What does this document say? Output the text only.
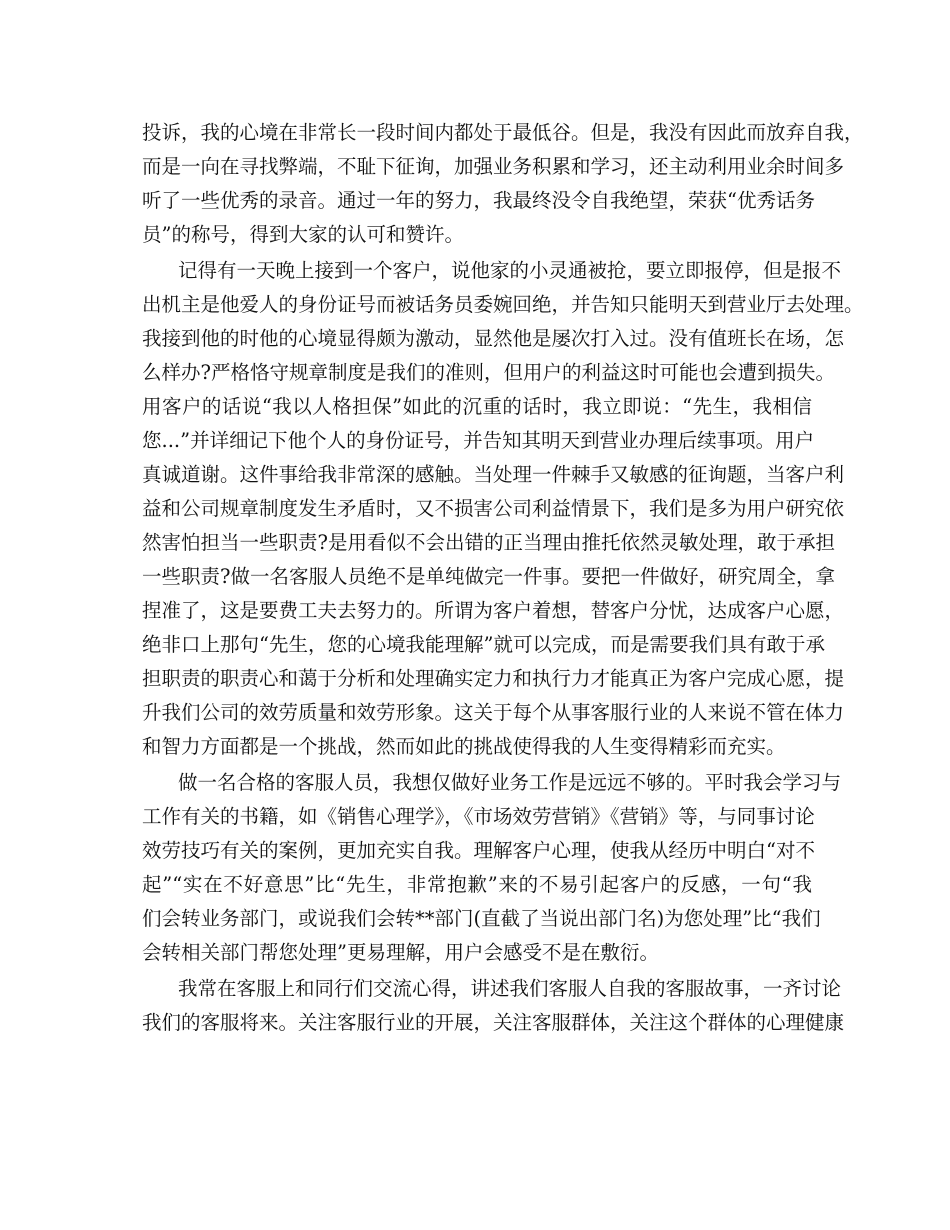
投诉，我的心境在非常长一段时间内都处于最低谷。但是，我没有因此而放弃自我，
而是一向在寻找弊端，不耻下征询，加强业务积累和学习，还主动利用业余时间多
听了一些优秀的录音。通过一年的努力，我最终没令自我绝望，荣获“优秀话务
员”的称号，得到大家的认可和赞许。
记得有一天晚上接到一个客户，说他家的小灵通被抢，要立即报停，但是报不
出机主是他爱人的身份证号而被话务员委婉回绝，并告知只能明天到营业厅去处理。
我接到他的时他的心境显得颇为激动，显然他是屡次打入过。没有值班长在场，怎
么样办?严格恪守规章制度是我们的准则，但用户的利益这时可能也会遭到损失。
用客户的话说“我以人格担保”如此的沉重的话时，我立即说：“先生，我相信
您...”并详细记下他个人的身份证号，并告知其明天到营业办理后续事项。用户
真诚道谢。这件事给我非常深的感触。当处理一件棘手又敏感的征询题，当客户利
益和公司规章制度发生矛盾时，又不损害公司利益情景下，我们是多为用户研究依
然害怕担当一些职责?是用看似不会出错的正当理由推托依然灵敏处理，敢于承担
一些职责?做一名客服人员绝不是单纯做完一件事。要把一件做好，研究周全，拿
捏准了，这是要费工夫去努力的。所谓为客户着想，替客户分忧，达成客户心愿，
绝非口上那句“先生，您的心境我能理解”就可以完成，而是需要我们具有敢于承
担职责的职责心和蔼于分析和处理确实定力和执行力才能真正为客户完成心愿，提
升我们公司的效劳质量和效劳形象。这关于每个从事客服行业的人来说不管在体力
和智力方面都是一个挑战，然而如此的挑战使得我的人生变得精彩而充实。
做一名合格的客服人员，我想仅做好业务工作是远远不够的。平时我会学习与
工作有关的书籍，如《销售心理学》，《市场效劳营销》《营销》等，与同事讨论
效劳技巧有关的案例，更加充实自我。理解客户心理，使我从经历中明白“对不
起”“实在不好意思”比“先生，非常抱歉”来的不易引起客户的反感，一句“我
们会转业务部门，或说我们会转**部门(直截了当说出部门名)为您处理”比“我们
会转相关部门帮您处理”更易理解，用户会感受不是在敷衍。
我常在客服上和同行们交流心得，讲述我们客服人自我的客服故事，一齐讨论
我们的客服将来。关注客服行业的开展，关注客服群体，关注这个群体的心理健康
